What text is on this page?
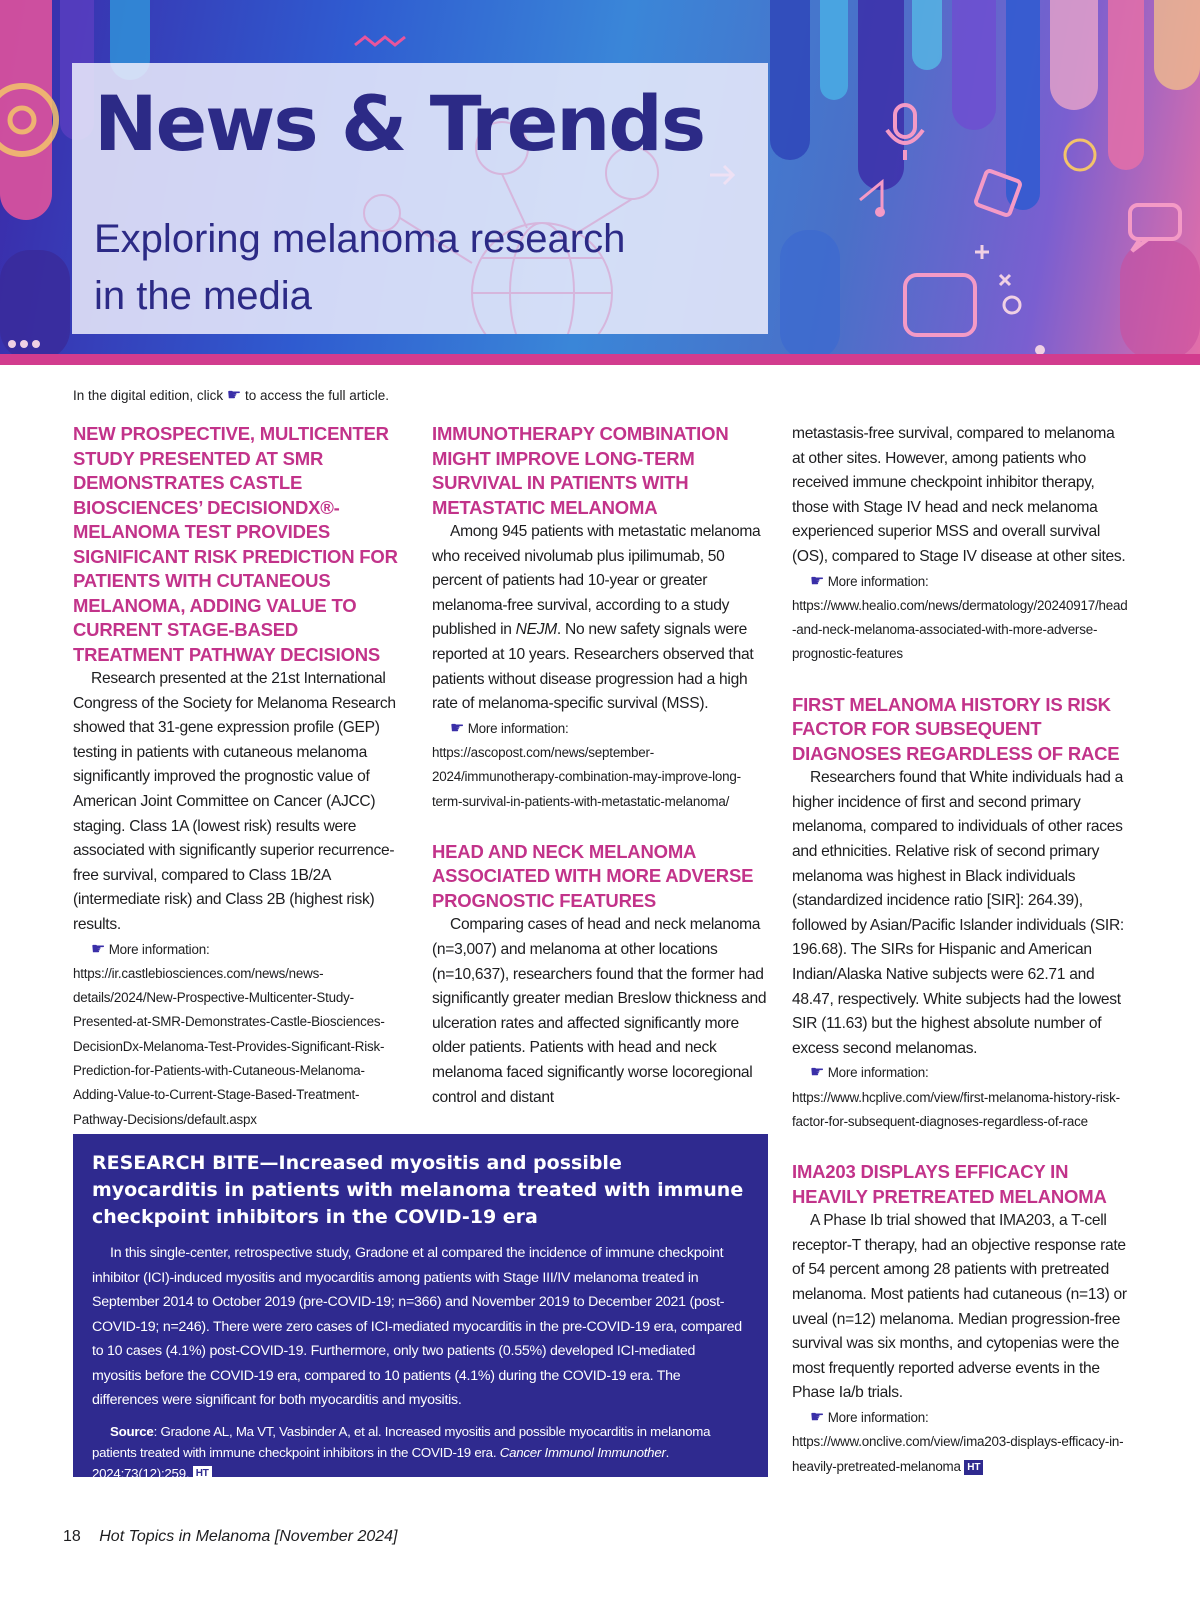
News & Trends
Exploring melanoma research in the media
In the digital edition, click ☛ to access the full article.
NEW PROSPECTIVE, MULTICENTER STUDY PRESENTED AT SMR DEMONSTRATES CASTLE BIOSCIENCES’ DECISIONDX®-MELANOMA TEST PROVIDES SIGNIFICANT RISK PREDICTION FOR PATIENTS WITH CUTANEOUS MELANOMA, ADDING VALUE TO CURRENT STAGE-BASED TREATMENT PATHWAY DECISIONS

Research presented at the 21st International Congress of the Society for Melanoma Research showed that 31-gene expression profile (GEP) testing in patients with cutaneous melanoma significantly improved the prognostic value of American Joint Committee on Cancer (AJCC) staging. Class 1A (lowest risk) results were associated with significantly superior recurrence-free survival, compared to Class 1B/2A (intermediate risk) and Class 2B (highest risk) results.

☛ More information: https://ir.castlebiosciences.com/news/news-details/2024/New-Prospective-Multicenter-Study-Presented-at-SMR-Demonstrates-Castle-Biosciences-DecisionDx-Melanoma-Test-Provides-Significant-Risk-Prediction-for-Patients-with-Cutaneous-Melanoma-Adding-Value-to-Current-Stage-Based-Treatment-Pathway-Decisions/default.aspx

IMMUNOTHERAPY COMBINATION MIGHT IMPROVE LONG-TERM SURVIVAL IN PATIENTS WITH METASTATIC MELANOMA

Among 945 patients with metastatic melanoma who received nivolumab plus ipilimumab, 50 percent of patients had 10-year or greater melanoma-free survival, according to a study published in NEJM. No new safety signals were reported at 10 years. Researchers observed that patients without disease progression had a high rate of melanoma-specific survival (MSS).

☛ More information: https://ascopost.com/news/september-2024/immunotherapy-combination-may-improve-long-term-survival-in-patients-with-metastatic-melanoma/

HEAD AND NECK MELANOMA ASSOCIATED WITH MORE ADVERSE PROGNOSTIC FEATURES

Comparing cases of head and neck melanoma (n=3,007) and melanoma at other locations (n=10,637), researchers found that the former had significantly greater median Breslow thickness and ulceration rates and affected significantly more older patients. Patients with head and neck melanoma faced significantly worse locoregional control and distant

metastasis-free survival, compared to melanoma at other sites. However, among patients who received immune checkpoint inhibitor therapy, those with Stage IV head and neck melanoma experienced superior MSS and overall survival (OS), compared to Stage IV disease at other sites.

☛ More information: https://www.healio.com/news/dermatology/20240917/head-and-neck-melanoma-associated-with-more-adverse-prognostic-features

FIRST MELANOMA HISTORY IS RISK FACTOR FOR SUBSEQUENT DIAGNOSES REGARDLESS OF RACE

Researchers found that White individuals had a higher incidence of first and second primary melanoma, compared to individuals of other races and ethnicities. Relative risk of second primary melanoma was highest in Black individuals (standardized incidence ratio [SIR]: 264.39), followed by Asian/Pacific Islander individuals (SIR: 196.68). The SIRs for Hispanic and American Indian/Alaska Native subjects were 62.71 and 48.47, respectively. White subjects had the lowest SIR (11.63) but the highest absolute number of excess second melanomas.

☛ More information: https://www.hcplive.com/view/first-melanoma-history-risk-factor-for-subsequent-diagnoses-regardless-of-race

IMA203 DISPLAYS EFFICACY IN HEAVILY PRETREATED MELANOMA

A Phase Ib trial showed that IMA203, a T-cell receptor-T therapy, had an objective response rate of 54 percent among 28 patients with pretreated melanoma. Most patients had cutaneous (n=13) or uveal (n=12) melanoma. Median progression-free survival was six months, and cytopenias were the most frequently reported adverse events in the Phase Ia/b trials.

☛ More information: https://www.onclive.com/view/ima203-displays-efficacy-in-heavily-pretreated-melanoma HT

RESEARCH BITE—Increased myositis and possible myocarditis in patients with melanoma treated with immune checkpoint inhibitors in the COVID-19 era

In this single-center, retrospective study, Gradone et al compared the incidence of immune checkpoint inhibitor (ICI)-induced myositis and myocarditis among patients with Stage III/IV melanoma treated in September 2014 to October 2019 (pre-COVID-19; n=366) and November 2019 to December 2021 (post-COVID-19; n=246). There were zero cases of ICI-mediated myocarditis in the pre-COVID-19 era, compared to 10 cases (4.1%) post-COVID-19. Furthermore, only two patients (0.55%) developed ICI-mediated myositis before the COVID-19 era, compared to 10 patients (4.1%) during the COVID-19 era. The differences were significant for both myocarditis and myositis.

Source: Gradone AL, Ma VT, Vasbinder A, et al. Increased myositis and possible myocarditis in melanoma patients treated with immune checkpoint inhibitors in the COVID-19 era. Cancer Immunol Immunother. 2024;73(12):259. HT

18 Hot Topics in Melanoma [November 2024]
